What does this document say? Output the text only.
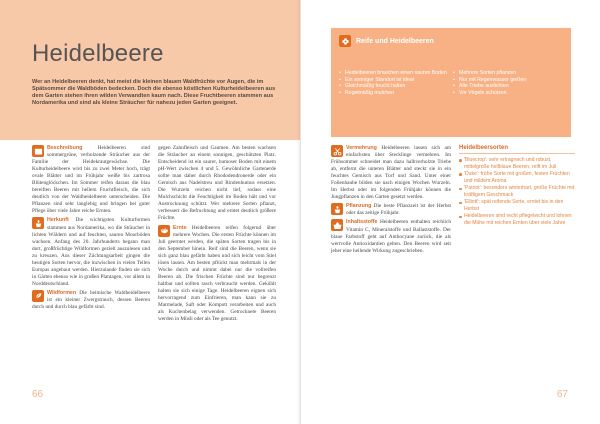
Heidelbeere
Wer an Heidelbeeren denkt, hat meist die kleinen blauen Waldfrüchte vor Augen, die im Spätsommer die Waldböden bedecken. Doch die ebenso köstlichen Kulturheidelbeeren aus dem Garten stehen ihren wilden Verwandten kaum nach. Diese Fruchtbeeren stammen aus Nordamerika und sind als kleine Sträucher für nahezu jeden Garten geeignet.
Beschreibung	Heidelbeeren sind sommergrüne, verholzende Sträucher aus der Familie der Heidekrautgewächse. Die Kulturheidelbeere wird bis zu zwei Meter hoch, trägt ovale Blätter und im Frühjahr weiße bis zartrosa Blütenglöckchen. Im Sommer reifen daraus die blau bereiften Beeren mit hellem Fruchtfleisch, die sich deutlich von der Waldheidelbeere unterscheiden. Die Pflanzen sind sehr langlebig und bringen bei guter Pflege über viele Jahre reiche Ernten.
Herkunft Die wichtigsten Kulturformen stammen aus Nordamerika, wo die Sträucher in lichten Wäldern und auf feuchten, sauren Moorböden wachsen. Anfang des 20. Jahrhunderts begann man dort, großfrüchtige Wildformen gezielt auszulesen und zu kreuzen. Aus dieser Züchtungsarbeit gingen die heutigen Sorten hervor, die inzwischen in vielen Teilen Europas angebaut werden. Hierzulande finden sie sich in Gärten ebenso wie in großen Plantagen, vor allem in Norddeutschland.
Wildformen Die heimische Waldheidelbeere ist ein kleiner Zwergstrauch, dessen Beeren durch und durch blau gefärbt sind.
gegen Zahnfleisch und Gaumen. Am besten wachsen die Sträucher an einem sonnigen, geschützten Platz. Entscheidend ist ein saurer, humoser Boden mit einem pH-Wert zwischen 4 und 5. Gewöhnliche Gartenerde sollte man daher durch Rhododendronerde oder ein Gemisch aus Nadelstreu und Rindenhumus ersetzen. Die Wurzeln reichen nicht tief, sodass eine Mulchschicht die Feuchtigkeit im Boden hält und vor Austrocknung schützt. Wer mehrere Sorten pflanzt, verbessert die Befruchtung und erntet deutlich größere Früchte.
Ernte Heidelbeeren reifen folgernd über mehrere Wochen. Die ersten Früchte können im Juli geerntet werden, die späten Sorten tragen bis in den September hinein. Reif sind die Beeren, wenn sie sich ganz blau gefärbt haben und sich leicht vom Stiel lösen lassen. Am besten pflückt man mehrmals in der Woche durch und nimmt dabei nur die vollreifen Beeren ab. Die frischen Früchte sind nur begrenzt haltbar und sollten rasch verbraucht werden. Gekühlt halten sie sich einige Tage. Heidelbeeren eignen sich hervorragend zum Einfrieren, man kann sie zu Marmelade, Saft oder Kompott verarbeiten und auch als Kuchenbelag verwenden. Getrocknete Beeren werden in Müsli oder als Tee genutzt.
66
Reife und Heidelbeeren
• Heidelbeeren brauchen einen sauren Boden
• Ein sonniger Standort ist ideal
• Gleichmäßig feucht halten
• Regelmäßig mulchen
• Mehrere Sorten pflanzen
• Nur mit Regenwasser gießen
• Alte Triebe auslichten
• Vor Vögeln schützen
Vermehrung Heidelbeeren lassen sich am einfachsten über Stecklinge vermehren. Im Frühsommer schneidet man dazu halbverholzte Triebe ab, entfernt die unteren Blätter und steckt sie in ein feuchtes Gemisch aus Torf und Sand. Unter einer Folienhaube bilden sie nach einigen Wochen Wurzeln. Im Herbst oder im folgenden Frühjahr können die Jungpflanzen in den Garten gesetzt werden.
Pflanzung Die beste Pflanzzeit ist der Herbst oder das zeitige Frühjahr.
Inhaltsstoffe Heidelbeeren enthalten reichlich Vitamin C, Mineralstoffe und Ballaststoffe. Der blaue Farbstoff geht auf Anthocyane zurück, die als wertvolle Antioxidantien gelten. Den Beeren wird seit jeher eine heilende Wirkung zugeschrieben.
Heidelbeersorten
'Bluecrop': sehr ertragreich und robust, mittelgroße hellblaue Beeren, reift im Juli
'Duke': frühe Sorte mit großen, festen Früchten und mildem Aroma
'Patriot': besonders winterhart, große Früchte mit kräftigem Geschmack
'Elliott': spät reifende Sorte, erntet bis in den Herbst
Heidelbeeren sind recht pflegeleicht und lohnen die Mühe mit reichen Ernten über viele Jahre
67
